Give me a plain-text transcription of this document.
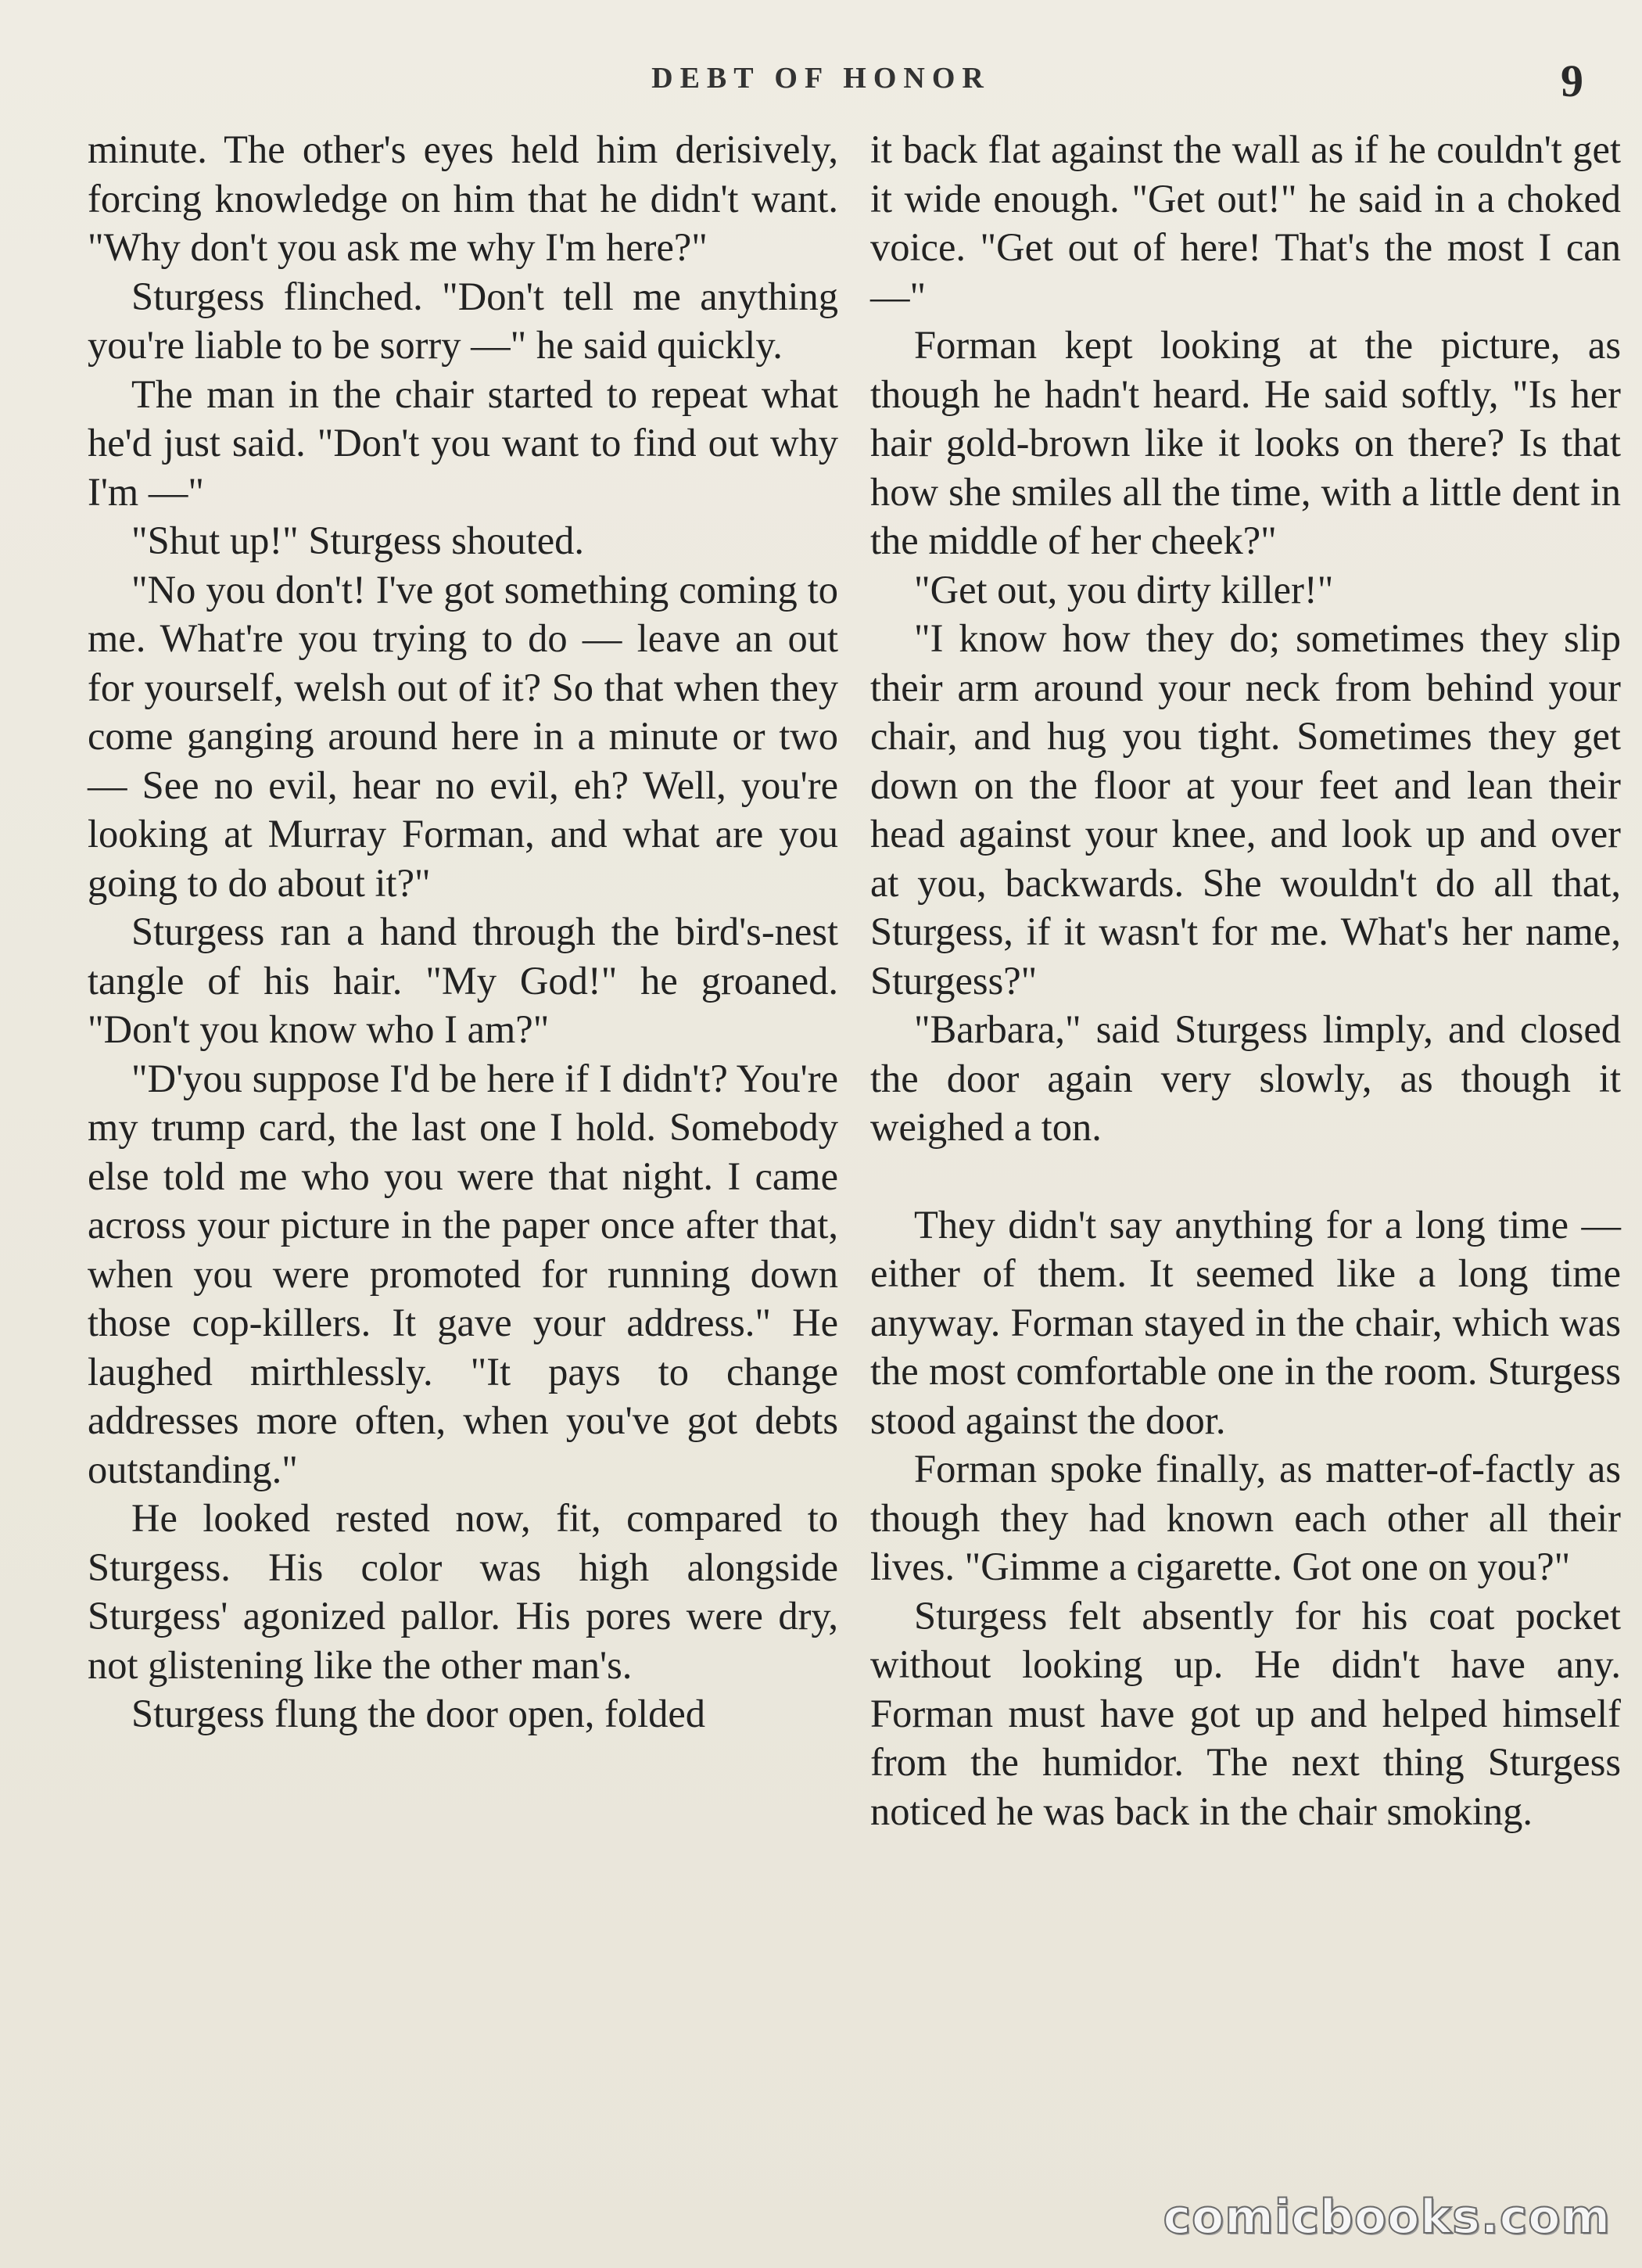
DEBT OF HONOR	9

minute. The other's eyes held him derisively, forcing knowledge on him that he didn't want. "Why don't you ask me why I'm here?"

Sturgess flinched. "Don't tell me anything you're liable to be sorry —" he said quickly.

The man in the chair started to repeat what he'd just said. "Don't you want to find out why I'm —"

"Shut up!" Sturgess shouted.

"No you don't! I've got something coming to me. What're you trying to do — leave an out for yourself, welsh out of it? So that when they come ganging around here in a minute or two — See no evil, hear no evil, eh? Well, you're looking at Murray Forman, and what are you going to do about it?"

Sturgess ran a hand through the bird's-nest tangle of his hair. "My God!" he groaned. "Don't you know who I am?"

"D'you suppose I'd be here if I didn't? You're my trump card, the last one I hold. Somebody else told me who you were that night. I came across your picture in the paper once after that, when you were promoted for running down those cop-killers. It gave your address." He laughed mirthlessly. "It pays to change addresses more often, when you've got debts outstanding."

He looked rested now, fit, compared to Sturgess. His color was high alongside Sturgess' agonized pallor. His pores were dry, not glistening like the other man's.

Sturgess flung the door open, folded

it back flat against the wall as if he couldn't get it wide enough. "Get out!" he said in a choked voice. "Get out of here! That's the most I can —"

Forman kept looking at the picture, as though he hadn't heard. He said softly, "Is her hair gold-brown like it looks on there? Is that how she smiles all the time, with a little dent in the middle of her cheek?"

"Get out, you dirty killer!"

"I know how they do; sometimes they slip their arm around your neck from behind your chair, and hug you tight. Sometimes they get down on the floor at your feet and lean their head against your knee, and look up and over at you, backwards. She wouldn't do all that, Sturgess, if it wasn't for me. What's her name, Sturgess?"

"Barbara," said Sturgess limply, and closed the door again very slowly, as though it weighed a ton.

They didn't say anything for a long time — either of them. It seemed like a long time anyway. Forman stayed in the chair, which was the most comfortable one in the room. Sturgess stood against the door.

Forman spoke finally, as matter-of-factly as though they had known each other all their lives. "Gimme a cigarette. Got one on you?"

Sturgess felt absently for his coat pocket without looking up. He didn't have any. Forman must have got up and helped himself from the humidor. The next thing Sturgess noticed he was back in the chair smoking.

comicbooks.com
